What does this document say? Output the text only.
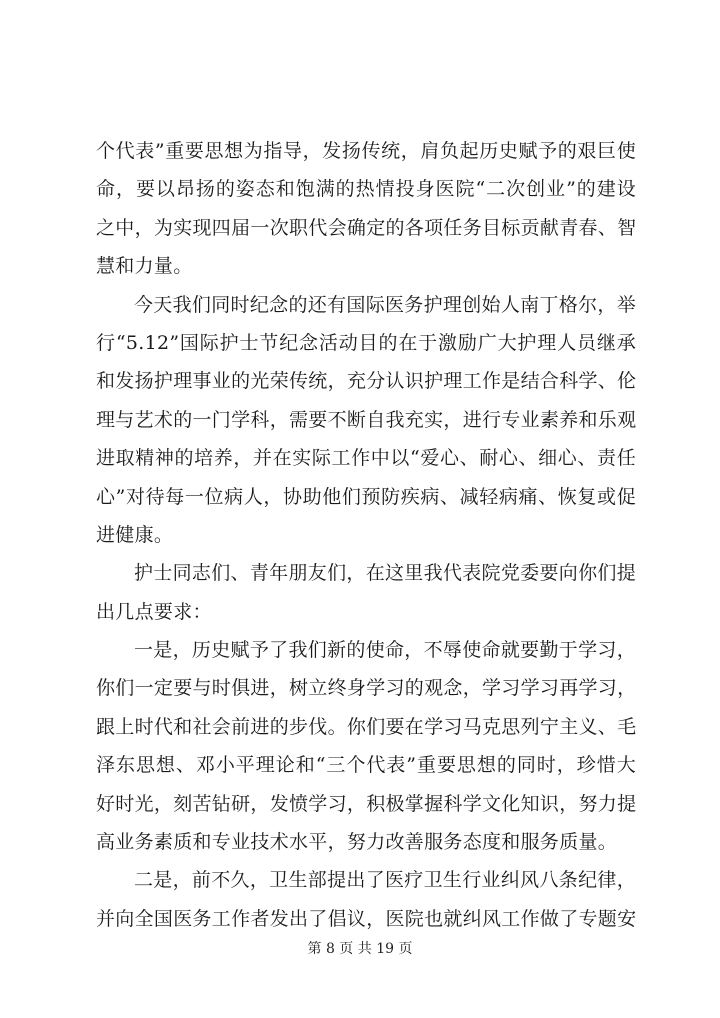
个代表”重要思想为指导，发扬传统，肩负起历史赋予的艰巨使
命，要以昂扬的姿态和饱满的热情投身医院“二次创业”的建设
之中，为实现四届一次职代会确定的各项任务目标贡献青春、智
慧和力量。
今天我们同时纪念的还有国际医务护理创始人南丁格尔，举
行“5.12”国际护士节纪念活动目的在于激励广大护理人员继承
和发扬护理事业的光荣传统，充分认识护理工作是结合科学、伦
理与艺术的一门学科，需要不断自我充实，进行专业素养和乐观
进取精神的培养，并在实际工作中以“爱心、耐心、细心、责任
心”对待每一位病人，协助他们预防疾病、减轻病痛、恢复或促
进健康。
护士同志们、青年朋友们，在这里我代表院党委要向你们提
出几点要求：
一是，历史赋予了我们新的使命，不辱使命就要勤于学习，
你们一定要与时俱进，树立终身学习的观念，学习学习再学习，
跟上时代和社会前进的步伐。你们要在学习马克思列宁主义、毛
泽东思想、邓小平理论和“三个代表”重要思想的同时，珍惜大
好时光，刻苦钻研，发愤学习，积极掌握科学文化知识，努力提
高业务素质和专业技术水平，努力改善服务态度和服务质量。
二是，前不久，卫生部提出了医疗卫生行业纠风八条纪律，
并向全国医务工作者发出了倡议，医院也就纠风工作做了专题安
第 8 页 共 19 页
